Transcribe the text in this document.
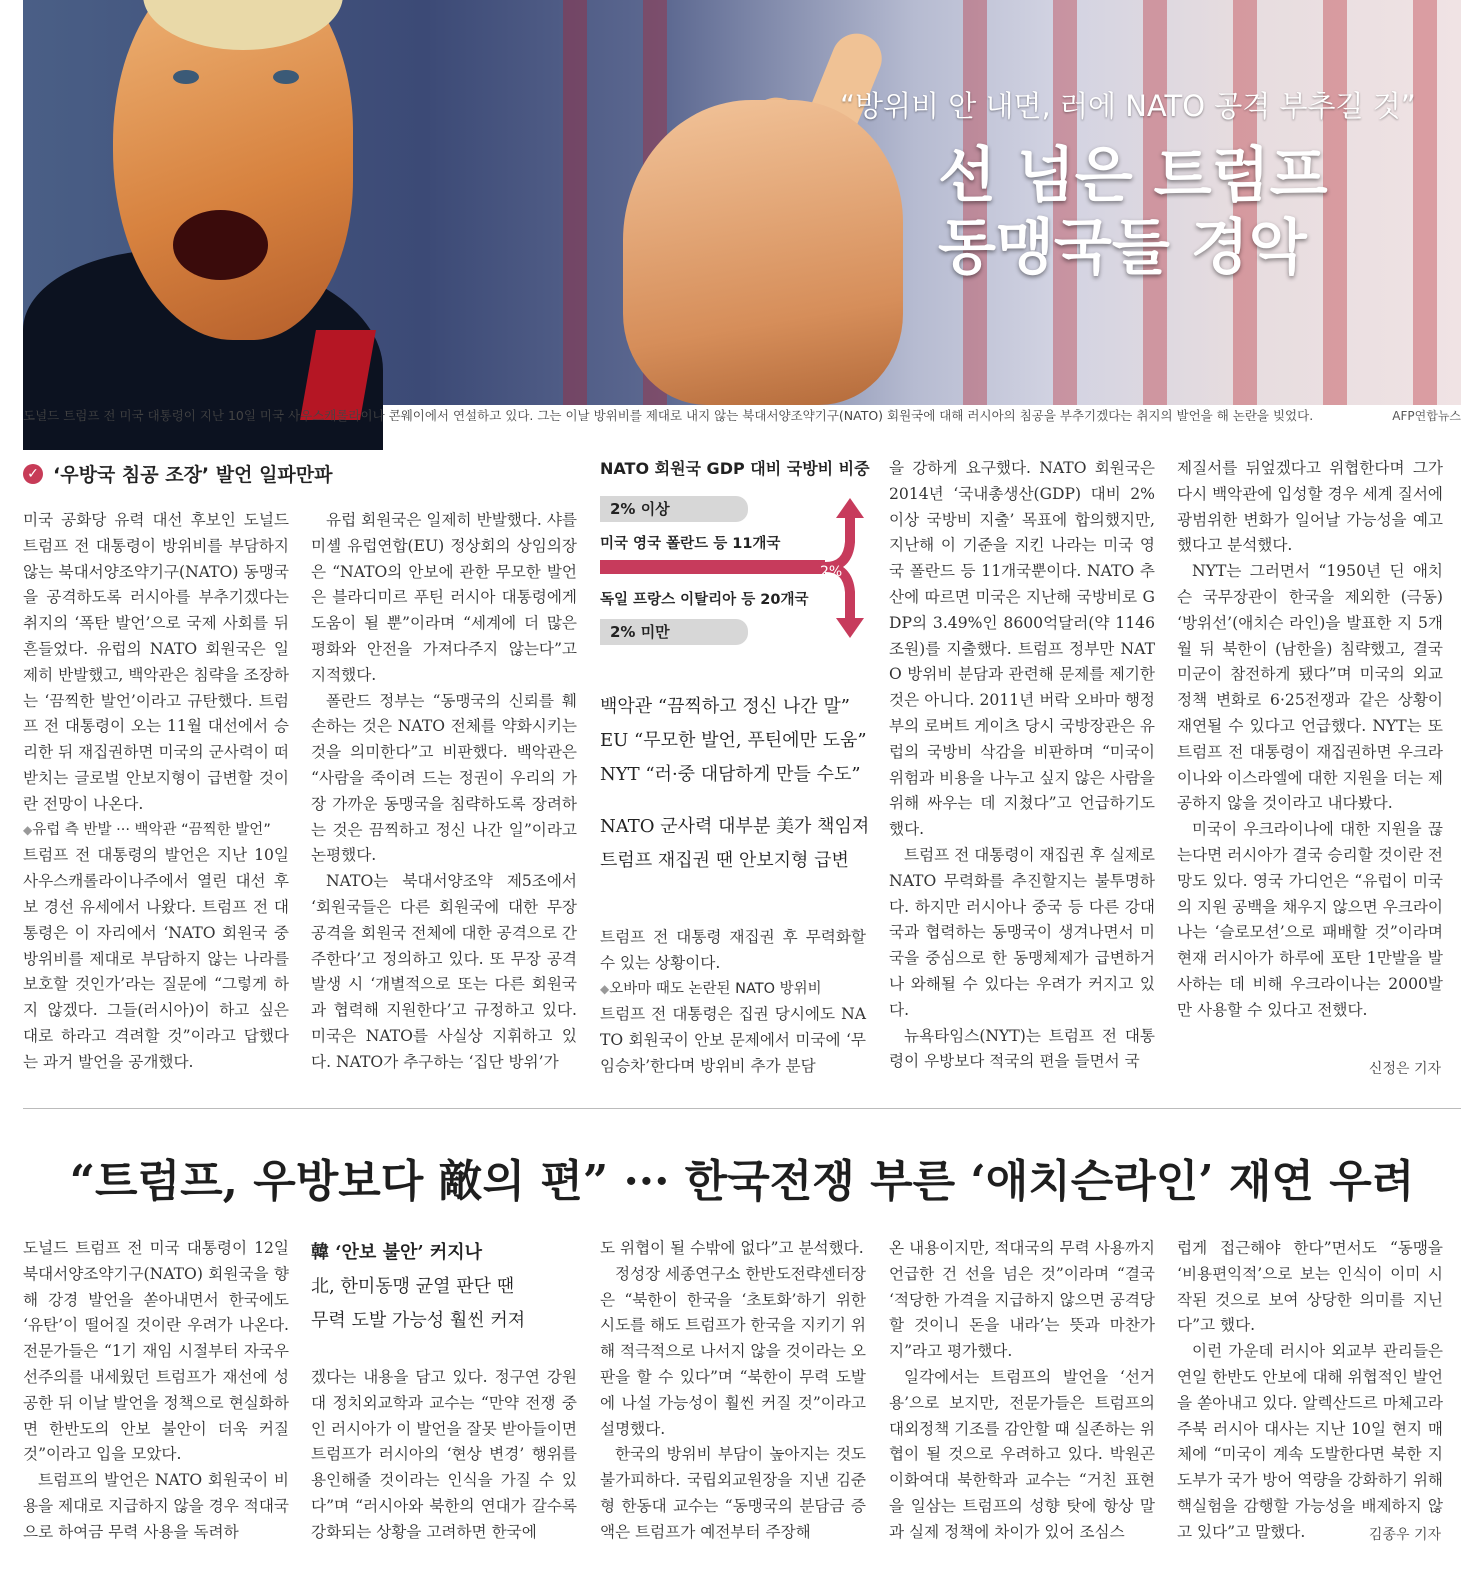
“방위비 안 내면, 러에 NATO 공격 부추길 것”
선 넘은 트럼프
동맹국들 경악
도널드 트럼프 전 미국 대통령이 지난 10일 미국 사우스캐롤라이나 콘웨이에서 연설하고 있다. 그는 이날 방위비를 제대로 내지 않는 북대서양조약기구(NATO) 회원국에 대해 러시아의 침공을 부추기겠다는 취지의 발언을 해 논란을 빚었다.	AFP연합뉴스
✓ ‘우방국 침공 조장’ 발언 일파만파

미국 공화당 유력 대선 후보인 도널드 트럼프 전 대통령이 방위비를 부담하지 않는 북대서양조약기구(NATO) 동맹국을 공격하도록 러시아를 부추기겠다는 취지의 ‘폭탄 발언’으로 국제 사회를 뒤흔들었다. 유럽의 NATO 회원국은 일제히 반발했고, 백악관은 침략을 조장하는 ‘끔찍한 발언’이라고 규탄했다. 트럼프 전 대통령이 오는 11월 대선에서 승리한 뒤 재집권하면 미국의 군사력이 떠받치는 글로벌 안보지형이 급변할 것이란 전망이 나온다.

◆ 유럽 측 반발 ··· 백악관 “끔찍한 발언”

트럼프 전 대통령의 발언은 지난 10일 사우스캐롤라이나주에서 열린 대선 후보 경선 유세에서 나왔다. 트럼프 전 대통령은 이 자리에서 ‘NATO 회원국 중 방위비를 제대로 부담하지 않는 나라를 보호할 것인가’라는 질문에 “그렇게 하지 않겠다. 그들(러시아)이 하고 싶은 대로 하라고 격려할 것”이라고 답했다는 과거 발언을 공개했다.

유럽 회원국은 일제히 반발했다. 샤를 미셸 유럽연합(EU) 정상회의 상임의장은 “NATO의 안보에 관한 무모한 발언은 블라디미르 푸틴 러시아 대통령에게 도움이 될 뿐”이라며 “세계에 더 많은 평화와 안전을 가져다주지 않는다”고 지적했다.

폴란드 정부는 “동맹국의 신뢰를 훼손하는 것은 NATO 전체를 약화시키는 것을 의미한다”고 비판했다. 백악관은 “사람을 죽이려 드는 정권이 우리의 가장 가까운 동맹국을 침략하도록 장려하는 것은 끔찍하고 정신 나간 일”이라고 논평했다.

NATO는 북대서양조약 제5조에서 ‘회원국들은 다른 회원국에 대한 무장 공격을 회원국 전체에 대한 공격으로 간주한다’고 정의하고 있다. 또 무장 공격 발생 시 ‘개별적으로 또는 다른 회원국과 협력해 지원한다’고 규정하고 있다. 미국은 NATO를 사실상 지휘하고 있다. NATO가 추구하는 ‘집단 방위’가

NATO 회원국 GDP 대비 국방비 비중
2% 이상
미국 영국 폴란드 등 11개국
2%
독일 프랑스 이탈리아 등 20개국
2% 미만
백악관 “끔찍하고 정신 나간 말”
EU “무모한 발언, 푸틴에만 도움”
NYT “러·중 대담하게 만들 수도”
NATO 군사력 대부분 美가 책임져
트럼프 재집권 땐 안보지형 급변

트럼프 전 대통령 재집권 후 무력화할 수 있는 상황이다.

◆ 오바마 때도 논란된 NATO 방위비

트럼프 전 대통령은 집권 당시에도 NATO 회원국이 안보 문제에서 미국에 ‘무임승차’한다며 방위비 추가 분담

을 강하게 요구했다. NATO 회원국은 2014년 ‘국내총생산(GDP) 대비 2% 이상 국방비 지출’ 목표에 합의했지만, 지난해 이 기준을 지킨 나라는 미국 영국 폴란드 등 11개국뿐이다. NATO 추산에 따르면 미국은 지난해 국방비로 GDP의 3.49%인 8600억달러(약 1146조원)를 지출했다. 트럼프 정부만 NATO 방위비 분담과 관련해 문제를 제기한 것은 아니다. 2011년 버락 오바마 행정부의 로버트 게이츠 당시 국방장관은 유럽의 국방비 삭감을 비판하며 “미국이 위험과 비용을 나누고 싶지 않은 사람을 위해 싸우는 데 지쳤다”고 언급하기도 했다.

트럼프 전 대통령이 재집권 후 실제로 NATO 무력화를 추진할지는 불투명하다. 하지만 러시아나 중국 등 다른 강대국과 협력하는 동맹국이 생겨나면서 미국을 중심으로 한 동맹체제가 급변하거나 와해될 수 있다는 우려가 커지고 있다.

뉴욕타임스(NYT)는 트럼프 전 대통령이 우방보다 적국의 편을 들면서 국

제질서를 뒤엎겠다고 위협한다며 그가 다시 백악관에 입성할 경우 세계 질서에 광범위한 변화가 일어날 가능성을 예고했다고 분석했다.

NYT는 그러면서 “1950년 딘 애치슨 국무장관이 한국을 제외한 (극동) ‘방위선’(애치슨 라인)을 발표한 지 5개월 뒤 북한이 (남한을) 침략했고, 결국 미군이 참전하게 됐다”며 미국의 외교정책 변화로 6·25전쟁과 같은 상황이 재연될 수 있다고 언급했다. NYT는 또 트럼프 전 대통령이 재집권하면 우크라이나와 이스라엘에 대한 지원을 더는 제공하지 않을 것이라고 내다봤다.

미국이 우크라이나에 대한 지원을 끊는다면 러시아가 결국 승리할 것이란 전망도 있다. 영국 가디언은 “유럽이 미국의 지원 공백을 채우지 않으면 우크라이나는 ‘슬로모션’으로 패배할 것”이라며 현재 러시아가 하루에 포탄 1만발을 발사하는 데 비해 우크라이나는 2000발만 사용할 수 있다고 전했다.

신정은 기자
“트럼프, 우방보다 敵의 편” ··· 한국전쟁 부른 ‘애치슨라인’ 재연 우려

도널드 트럼프 전 미국 대통령이 12일 북대서양조약기구(NATO) 회원국을 향해 강경 발언을 쏟아내면서 한국에도 ‘유탄’이 떨어질 것이란 우려가 나온다. 전문가들은 “1기 재임 시절부터 자국우선주의를 내세웠던 트럼프가 재선에 성공한 뒤 이날 발언을 정책으로 현실화하면 한반도의 안보 불안이 더욱 커질 것”이라고 입을 모았다.

트럼프의 발언은 NATO 회원국이 비용을 제대로 지급하지 않을 경우 적대국으로 하여금 무력 사용을 독려하

韓 ‘안보 불안’ 커지나
北, 한미동맹 균열 판단 땐
무력 도발 가능성 훨씬 커져

겠다는 내용을 담고 있다. 정구연 강원대 정치외교학과 교수는 “만약 전쟁 중인 러시아가 이 발언을 잘못 받아들이면 트럼프가 러시아의 ‘현상 변경’ 행위를 용인해줄 것이라는 인식을 가질 수 있다”며 “러시아와 북한의 연대가 갈수록 강화되는 상황을 고려하면 한국에

도 위협이 될 수밖에 없다”고 분석했다.

정성장 세종연구소 한반도전략센터장은 “북한이 한국을 ‘초토화’하기 위한 시도를 해도 트럼프가 한국을 지키기 위해 적극적으로 나서지 않을 것이라는 오판을 할 수 있다”며 “북한이 무력 도발에 나설 가능성이 훨씬 커질 것”이라고 설명했다.

한국의 방위비 부담이 높아지는 것도 불가피하다. 국립외교원장을 지낸 김준형 한동대 교수는 “동맹국의 분담금 증액은 트럼프가 예전부터 주장해

온 내용이지만, 적대국의 무력 사용까지 언급한 건 선을 넘은 것”이라며 “결국 ‘적당한 가격을 지급하지 않으면 공격당할 것이니 돈을 내라’는 뜻과 마찬가지”라고 평가했다.

일각에서는 트럼프의 발언을 ‘선거용’으로 보지만, 전문가들은 트럼프의 대외정책 기조를 감안할 때 실존하는 위협이 될 것으로 우려하고 있다. 박원곤 이화여대 북한학과 교수는 “거친 표현을 일삼는 트럼프의 성향 탓에 항상 말과 실제 정책에 차이가 있어 조심스

럽게 접근해야 한다”면서도 “동맹을 ‘비용편익적’으로 보는 인식이 이미 시작된 것으로 보여 상당한 의미를 지닌다”고 했다.

이런 가운데 러시아 외교부 관리들은 연일 한반도 안보에 대해 위협적인 발언을 쏟아내고 있다. 알렉산드르 마체고라 주북 러시아 대사는 지난 10일 현지 매체에 “미국이 계속 도발한다면 북한 지도부가 국가 방어 역량을 강화하기 위해 핵실험을 감행할 가능성을 배제하지 않고 있다”고 말했다.	김종우 기자
